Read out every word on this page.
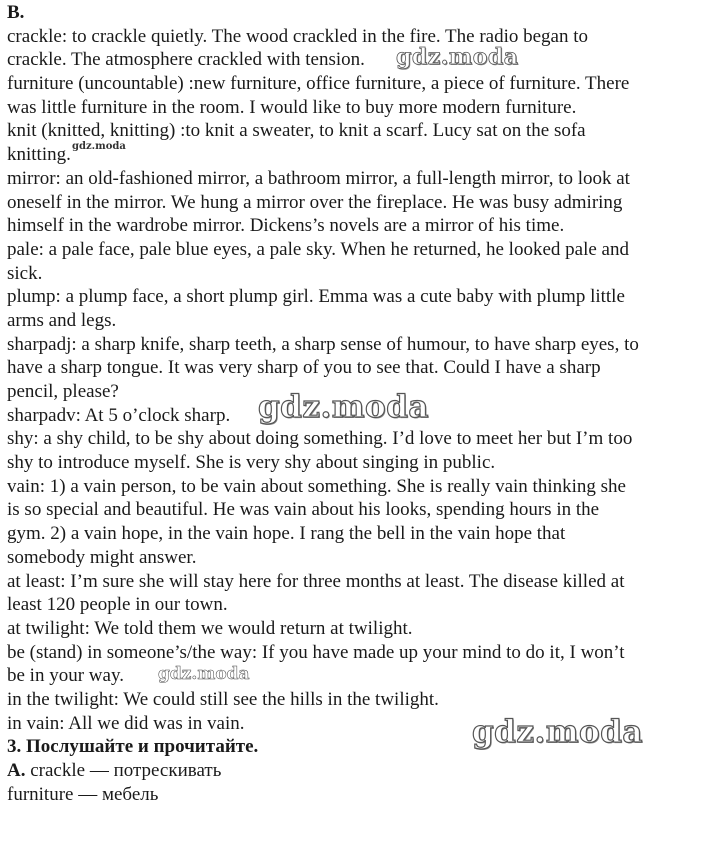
B.
crackle: to crackle quietly. The wood crackled in the fire. The radio began to
crackle. The atmosphere crackled with tension.
furniture (uncountable) :new furniture, office furniture, a piece of furniture. There
was little furniture in the room. I would like to buy more modern furniture.
knit (knitted, knitting) :to knit a sweater, to knit a scarf. Lucy sat on the sofa
knitting.
mirror: an old-fashioned mirror, a bathroom mirror, a full-length mirror, to look at
oneself in the mirror. We hung a mirror over the fireplace. He was busy admiring
himself in the wardrobe mirror. Dickens’s novels are a mirror of his time.
pale: a pale face, pale blue eyes, a pale sky. When he returned, he looked pale and
sick.
plump: a plump face, a short plump girl. Emma was a cute baby with plump little
arms and legs.
sharpadj: a sharp knife, sharp teeth, a sharp sense of humour, to have sharp eyes, to
have a sharp tongue. It was very sharp of you to see that. Could I have a sharp
pencil, please?
sharpadv: At 5 o’clock sharp.
shy: a shy child, to be shy about doing something. I’d love to meet her but I’m too
shy to introduce myself. She is very shy about singing in public.
vain: 1) a vain person, to be vain about something. She is really vain thinking she
is so special and beautiful. He was vain about his looks, spending hours in the
gym. 2) a vain hope, in the vain hope. I rang the bell in the vain hope that
somebody might answer.
at least: I’m sure she will stay here for three months at least. The disease killed at
least 120 people in our town.
at twilight: We told them we would return at twilight.
be (stand) in someone’s/the way: If you have made up your mind to do it, I won’t
be in your way.
in the twilight: We could still see the hills in the twilight.
in vain: All we did was in vain.
3. Послушайте и прочитайте.
A. crackle — потрескивать
furniture — мебель
gdz.moda
gdz.moda
gdz.moda
gdz.moda
gdz.moda
